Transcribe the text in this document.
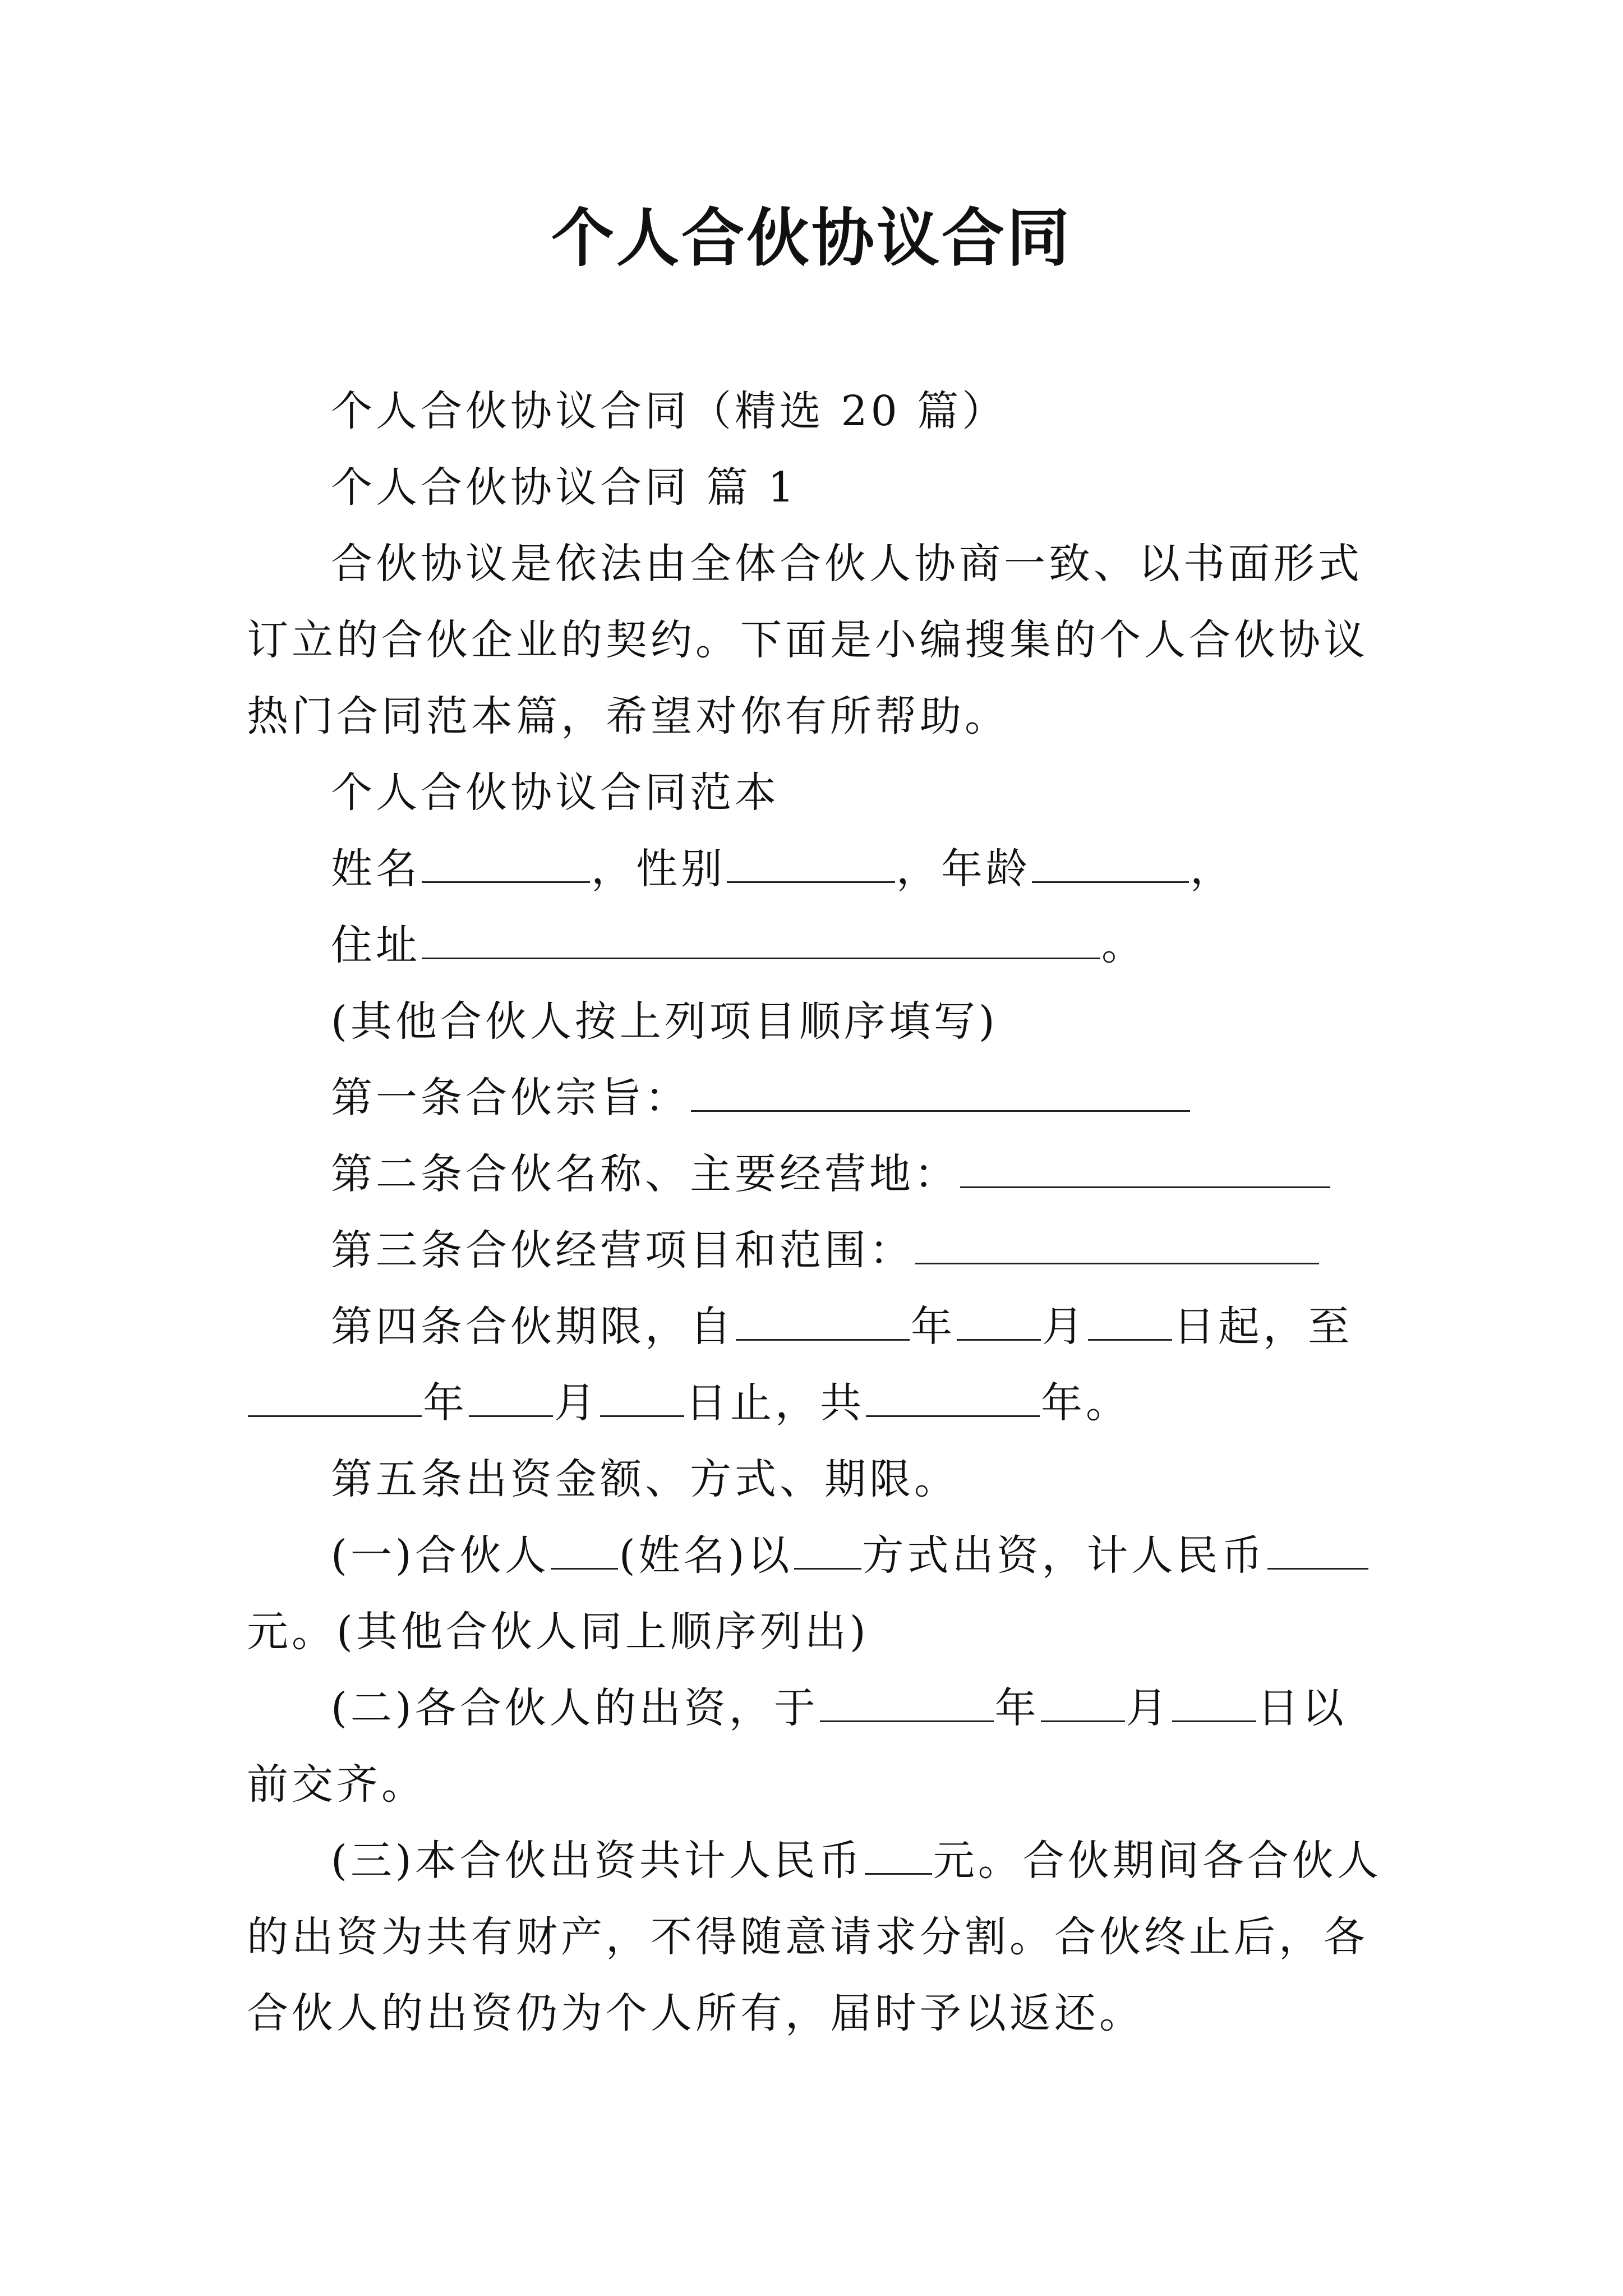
个人合伙协议合同

个人合伙协议合同（精选 20 篇）

个人合伙协议合同 篇 1

合伙协议是依法由全体合伙人协商一致、以书面形式订立的合伙企业的契约。下面是小编搜集的个人合伙协议热门合同范本篇，希望对你有所帮助。

个人合伙协议合同范本

姓名	，性别	，年龄	，

住址	。

(其他合伙人按上列项目顺序填写)

第一条合伙宗旨：

第二条合伙名称、主要经营地：

第三条合伙经营项目和范围：

第四条合伙期限，自	年 月 日起，至年 月 日止，共	年。

第五条出资金额、方式、期限。

(一)合伙人 (姓名)以 方式出资，计人民币元。(其他合伙人同上顺序列出)

(二)各合伙人的出资，于	年 月 日以前交齐。

(三)本合伙出资共计人民币 元。合伙期间各合伙人的出资为共有财产，不得随意请求分割。合伙终止后，各合伙人的出资仍为个人所有，届时予以返还。
